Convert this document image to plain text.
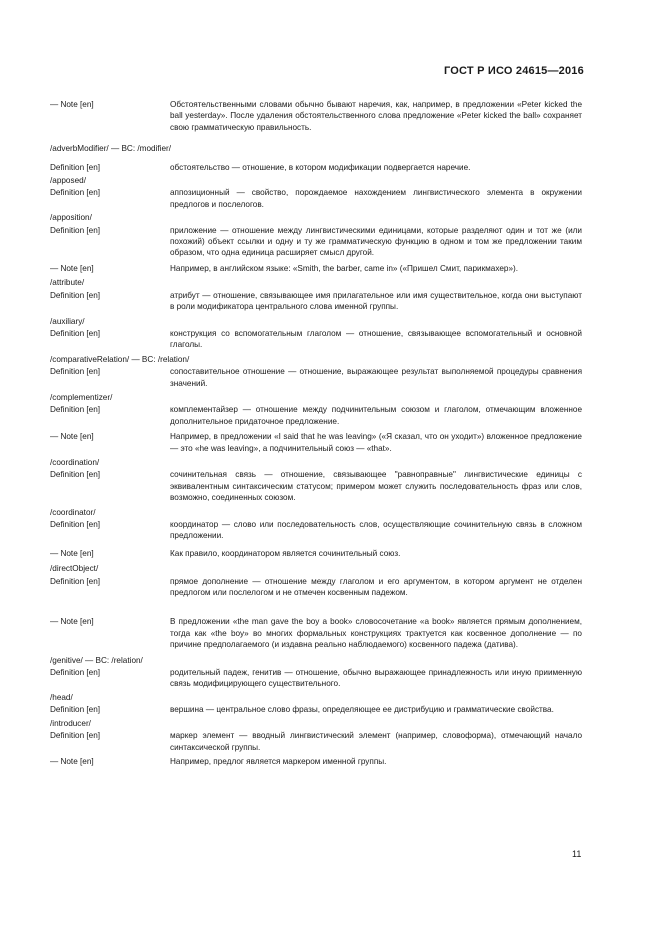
ГОСТ Р ИСО 24615—2016
— Note [en]	Обстоятельственными словами обычно бывают наречия, как, например, в предложении «Peter kicked the ball yesterday». После удаления обстоятельственного слова предложение «Peter kicked the ball» сохраняет свою грамматическую правильность.
/adverbModifier/ — BC: /modifier/
Definition [en]	обстоятельство — отношение, в котором модификации подвергается наречие.
/apposed/
Definition [en]	аппозиционный — свойство, порождаемое нахождением лингвистического элемента в окружении предлогов и послелогов.
/apposition/
Definition [en]	приложение — отношение между лингвистическими единицами, которые разделяют один и тот же (или похожий) объект ссылки и одну и ту же грамматическую функцию в одном и том же предложении таким образом, что одна единица расширяет смысл другой.
— Note [en]	Например, в английском языке: «Smith, the barber, came in» («Пришел Смит, парикмахер»).
/attribute/
Definition [en]	атрибут — отношение, связывающее имя прилагательное или имя существительное, когда они выступают в роли модификатора центрального слова именной группы.
/auxiliary/
Definition [en]	конструкция со вспомогательным глаголом — отношение, связывающее вспомогательный и основной глаголы.
/comparativeRelation/ — BC: /relation/
Definition [en]	сопоставительное отношение — отношение, выражающее результат выполняемой процедуры сравнения значений.
/complementizer/
Definition [en]	комплементайзер — отношение между подчинительным союзом и глаголом, отмечающим вложенное дополнительное придаточное предложение.
— Note [en]	Например, в предложении «I said that he was leaving» («Я сказал, что он уходит») вложенное предложение — это «he was leaving», а подчинительный союз — «that».
/coordination/
Definition [en]	сочинительная связь — отношение, связывающее "равноправные" лингвистические единицы с эквивалентным синтаксическим статусом; примером может служить последовательность фраз или слов, возможно, соединенных союзом.
/coordinator/
Definition [en]	координатор — слово или последовательность слов, осуществляющие сочинительную связь в сложном предложении.
— Note [en]	Как правило, координатором является сочинительный союз.
/directObject/
Definition [en]	прямое дополнение — отношение между глаголом и его аргументом, в котором аргумент не отделен предлогом или послелогом и не отмечен косвенным падежом.
— Note [en]	В предложении «the man gave the boy a book» словосочетание «a book» является прямым дополнением, тогда как «the boy» во многих формальных конструкциях трактуется как косвенное дополнение — по причине предполагаемого (и издавна реально наблюдаемого) косвенного падежа (датива).
/genitive/ — BC: /relation/
Definition [en]	родительный падеж, генитив — отношение, обычно выражающее принадлежность или иную приименную связь модифицирующего существительного.
/head/
Definition [en]	вершина — центральное слово фразы, определяющее ее дистрибуцию и грамматические свойства.
/introducer/
Definition [en]	маркер элемент — вводный лингвистический элемент (например, словоформа), отмечающий начало синтаксической группы.
— Note [en]	Например, предлог является маркером именной группы.
11
